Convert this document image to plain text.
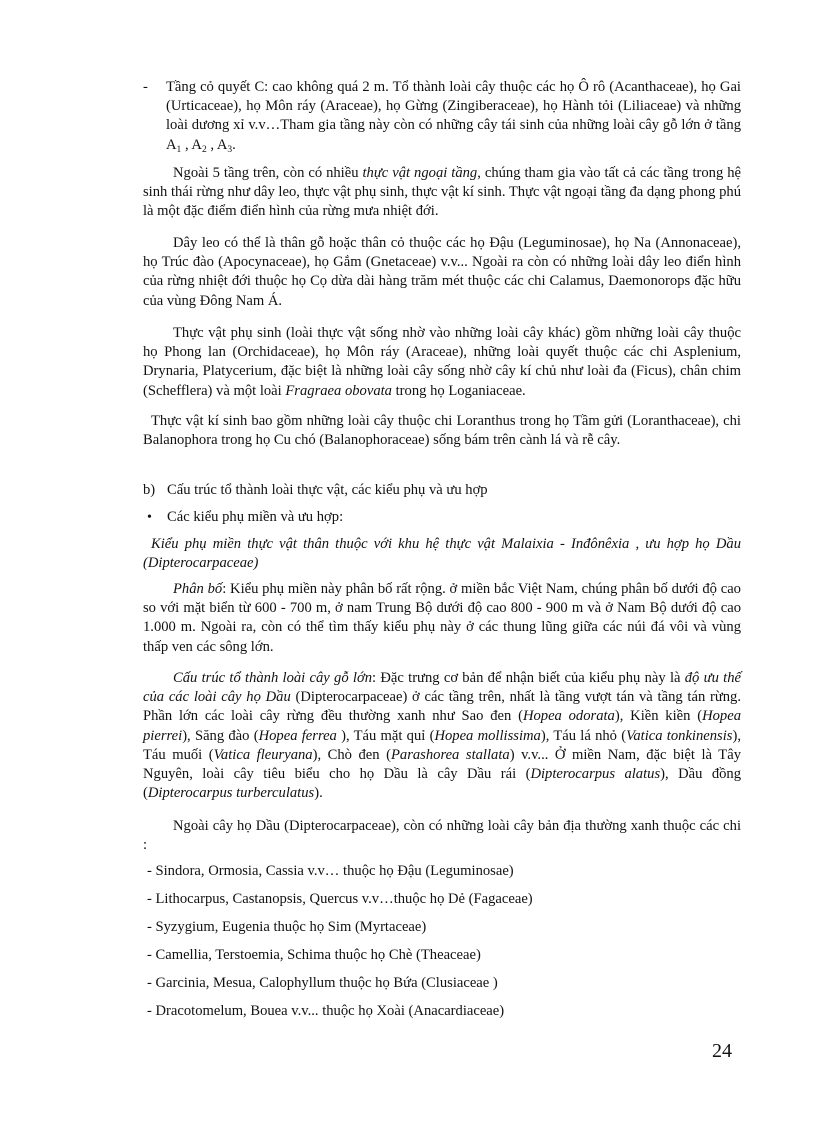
- Tầng cỏ quyết C: cao không quá 2 m. Tổ thành loài cây thuộc các họ Ô rô (Acanthaceae), họ Gai (Urticaceae), họ Môn ráy (Araceae), họ Gừng (Zingiberaceae), họ Hành tỏi (Liliaceae) và những loài dương xỉ v.v…Tham gia tầng này còn có những cây tái sinh của những loài cây gỗ lớn ở tầng $A_1$ , $A_2$ , $A_3$.

Ngoài 5 tầng trên, còn có nhiều thực vật ngoại tầng, chúng tham gia vào tất cả các tầng trong hệ sinh thái rừng như dây leo, thực vật phụ sinh, thực vật kí sinh. Thực vật ngoại tầng đa dạng phong phú là một đặc điểm điển hình của rừng mưa nhiệt đới.

Dây leo có thể là thân gỗ hoặc thân cỏ thuộc các họ Đậu (Leguminosae), họ Na (Annonaceae), họ Trúc đào (Apocynaceae), họ Gắm (Gnetaceae) v.v... Ngoài ra còn có những loài dây leo điển hình của rừng nhiệt đới thuộc họ Cọ dừa dài hàng trăm mét thuộc các chi Calamus, Daemonorops đặc hữu của vùng Đông Nam Á.

Thực vật phụ sinh (loài thực vật sống nhờ vào những loài cây khác) gồm những loài cây thuộc họ Phong lan (Orchidaceae), họ Môn ráy (Araceae), những loài quyết thuộc các chi Asplenium, Drynaria, Platycerium, đặc biệt là những loài cây sống nhờ cây kí chủ như loài đa (Ficus), chân chim (Schefflera) và một loài Fragraea obovata trong họ Loganiaceae.

Thực vật kí sinh bao gồm những loài cây thuộc chi Loranthus trong họ Tầm gửi (Loranthaceae), chi Balanophora trong họ Cu chó (Balanophoraceae) sống bám trên cành lá và rễ cây.

b) Cấu trúc tổ thành loài thực vật, các kiểu phụ và ưu hợp
• Các kiểu phụ miền và ưu hợp:

Kiểu phụ miền thực vật thân thuộc với khu hệ thực vật Malaixia - Inđônêxia , ưu hợp họ Dầu (Dipterocarpaceae)

Phân bố: Kiểu phụ miền này phân bố rất rộng. ở miền bắc Việt Nam, chúng phân bố dưới độ cao so với mặt biển từ 600 - 700 m, ở nam Trung Bộ dưới độ cao 800 - 900 m và ở Nam Bộ dưới độ cao 1.000 m. Ngoài ra, còn có thể tìm thấy kiểu phụ này ở các thung lũng giữa các núi đá vôi và vùng thấp ven các sông lớn.

Cấu trúc tổ thành loài cây gỗ lớn: Đặc trưng cơ bản để nhận biết của kiểu phụ này là độ ưu thế của các loài cây họ Dầu (Dipterocarpaceae) ở các tầng trên, nhất là tầng vượt tán và tầng tán rừng. Phần lớn các loài cây rừng đều thường xanh như Sao đen (Hopea odorata), Kiền kiền (Hopea pierrei), Săng đào (Hopea ferrea ), Táu mặt quỉ (Hopea mollissima), Táu lá nhỏ (Vatica tonkinensis), Táu muối (Vatica fleuryana), Chò đen (Parashorea stallata) v.v... Ở miền Nam, đặc biệt là Tây Nguyên, loài cây tiêu biểu cho họ Dầu là cây Dầu rái (Dipterocarpus alatus), Dầu đồng (Dipterocarpus turberculatus).

Ngoài cây họ Dầu (Dipterocarpaceae), còn có những loài cây bản địa thường xanh thuộc các chi :

- Sindora, Ormosia, Cassia v.v… thuộc họ Đậu (Leguminosae)
- Lithocarpus, Castanopsis, Quercus v.v…thuộc họ Dẻ (Fagaceae)
- Syzygium, Eugenia thuộc họ Sim (Myrtaceae)
- Camellia, Terstoemia, Schima thuộc họ Chè (Theaceae)
- Garcinia, Mesua, Calophyllum thuộc họ Bứa (Clusiaceae )
- Dracotomelum, Bouea v.v... thuộc họ Xoài (Anacardiaceae)
24
